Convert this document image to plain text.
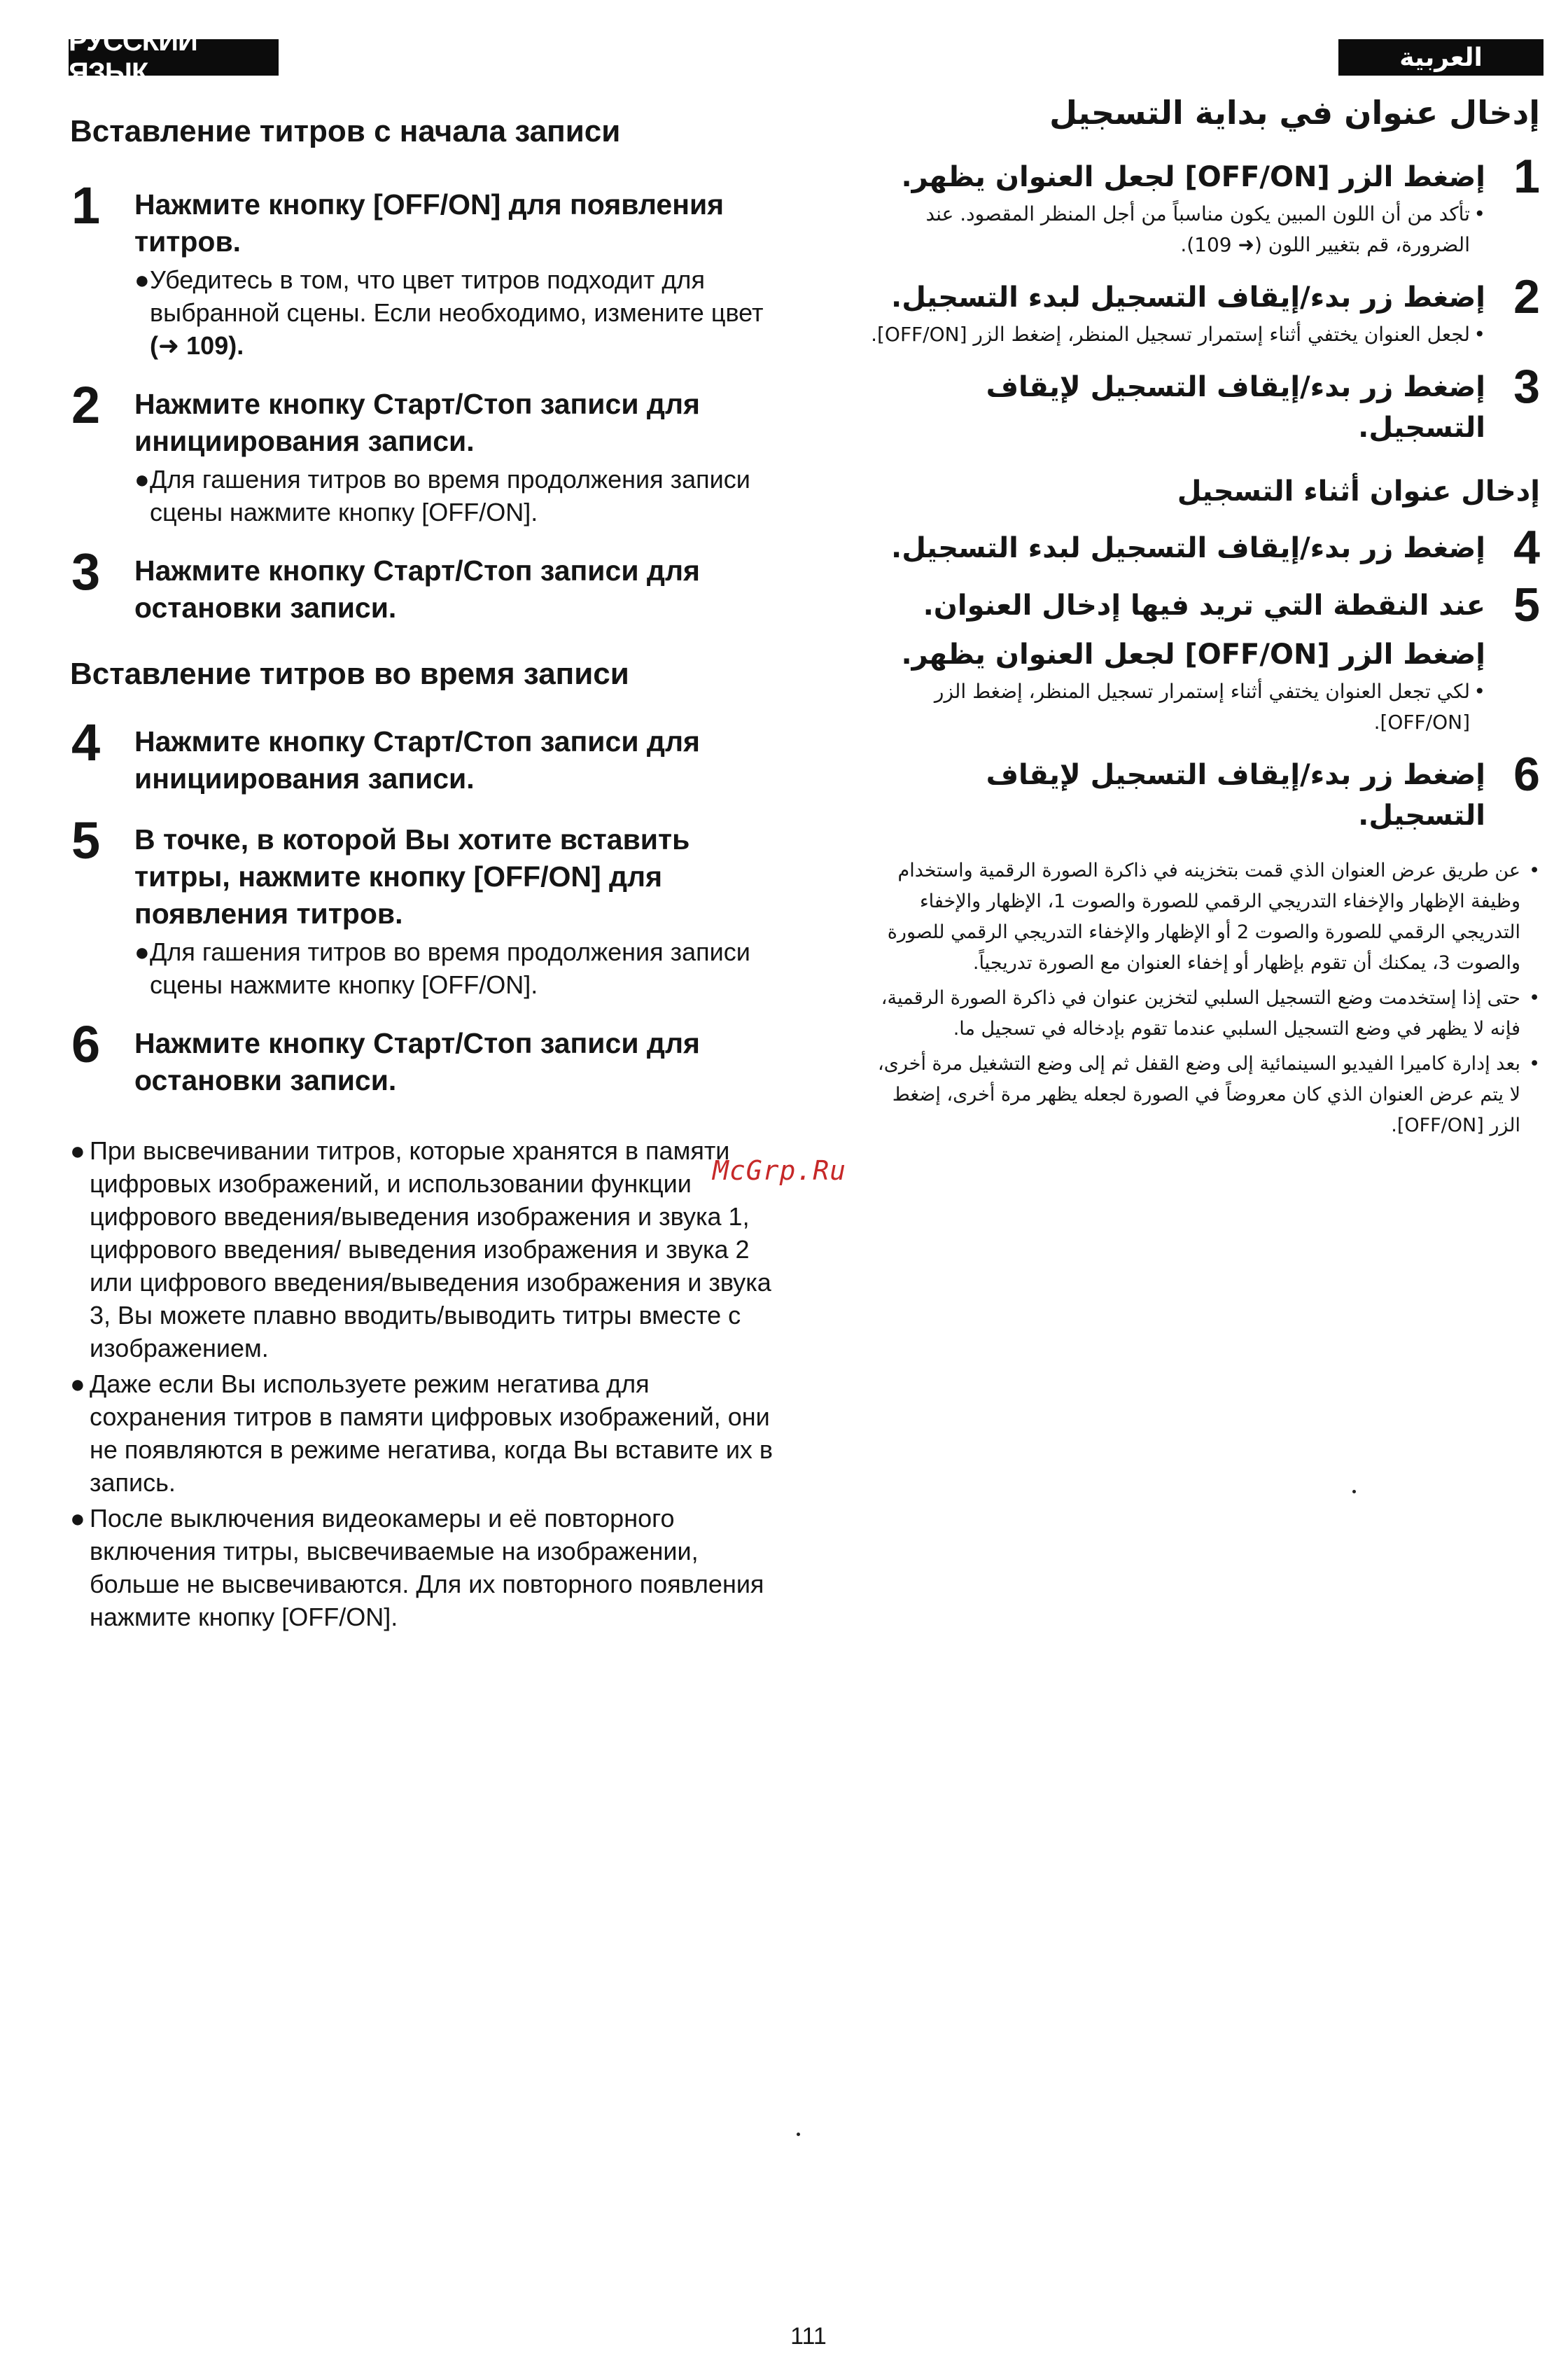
РУССКИЙ ЯЗЫК
العربية
Вставление титров с начала записи
1 Нажмите кнопку [OFF/ON] для появления титров.
● Убедитесь в том, что цвет титров подходит для выбранной сцены. Если необходимо, измените цвет (➜ 109).
2 Нажмите кнопку Старт/Стоп записи для инициирования записи.
● Для гашения титров во время продолжения записи сцены нажмите кнопку [OFF/ON].
3 Нажмите кнопку Старт/Стоп записи для остановки записи.
Вставление титров во время записи
4 Нажмите кнопку Старт/Стоп записи для инициирования записи.
5 В точке, в которой Вы хотите вставить титры, нажмите кнопку [OFF/ON] для появления титров.
● Для гашения титров во время продолжения записи сцены нажмите кнопку [OFF/ON].
6 Нажмите кнопку Старт/Стоп записи для остановки записи.
● При высвечивании титров, которые хранятся в памяти цифровых изображений, и использовании функции цифрового введения/выведения изображения и звука 1, цифрового введения/ выведения изображения и звука 2 или цифрового введения/выведения изображения и звука 3, Вы можете плавно вводить/выводить титры вместе с изображением.
● Даже если Вы используете режим негатива для сохранения титров в памяти цифровых изображений, они не появляются в режиме негатива, когда Вы вставите их в запись.
● После выключения видеокамеры и её повторного включения титры, высвечиваемые на изображении, больше не высвечиваются. Для их повторного появления нажмите кнопку [OFF/ON].
إدخال عنوان في بداية التسجيل
1
إضغط الزر [OFF/ON] لجعل العنوان يظهر.
•
تأكد من أن اللون المبين يكون مناسباً من أجل المنظر المقصود. عند الضرورة، قم بتغيير اللون (➜ 109).
2
إضغط زر بدء/إيقاف التسجيل لبدء التسجيل.
•
لجعل العنوان يختفي أثناء إستمرار تسجيل المنظر، إضغط الزر [OFF/ON].
3
إضغط زر بدء/إيقاف التسجيل لإيقاف التسجيل.
إدخال عنوان أثناء التسجيل
4
إضغط زر بدء/إيقاف التسجيل لبدء التسجيل.
5
عند النقطة التي تريد فيها إدخال العنوان.
إضغط الزر [OFF/ON] لجعل العنوان يظهر.
•
لكي تجعل العنوان يختفي أثناء إستمرار تسجيل المنظر، إضغط الزر [OFF/ON].
6
إضغط زر بدء/إيقاف التسجيل لإيقاف التسجيل.
•
عن طريق عرض العنوان الذي قمت بتخزينه في ذاكرة الصورة الرقمية واستخدام وظيفة الإظهار والإخفاء التدريجي الرقمي للصورة والصوت 1، الإظهار والإخفاء التدريجي الرقمي للصورة والصوت 2 أو الإظهار والإخفاء التدريجي الرقمي للصورة والصوت 3، يمكنك أن تقوم بإظهار أو إخفاء العنوان مع الصورة تدريجياً.
•
حتى إذا إستخدمت وضع التسجيل السلبي لتخزين عنوان في ذاكرة الصورة الرقمية، فإنه لا يظهر في وضع التسجيل السلبي عندما تقوم بإدخاله في تسجيل ما.
•
بعد إدارة كاميرا الفيديو السينمائية إلى وضع القفل ثم إلى وضع التشغيل مرة أخرى، لا يتم عرض العنوان الذي كان معروضاً في الصورة لجعله يظهر مرة أخرى، إضغط الزر [OFF/ON].
McGrp.Ru
111
